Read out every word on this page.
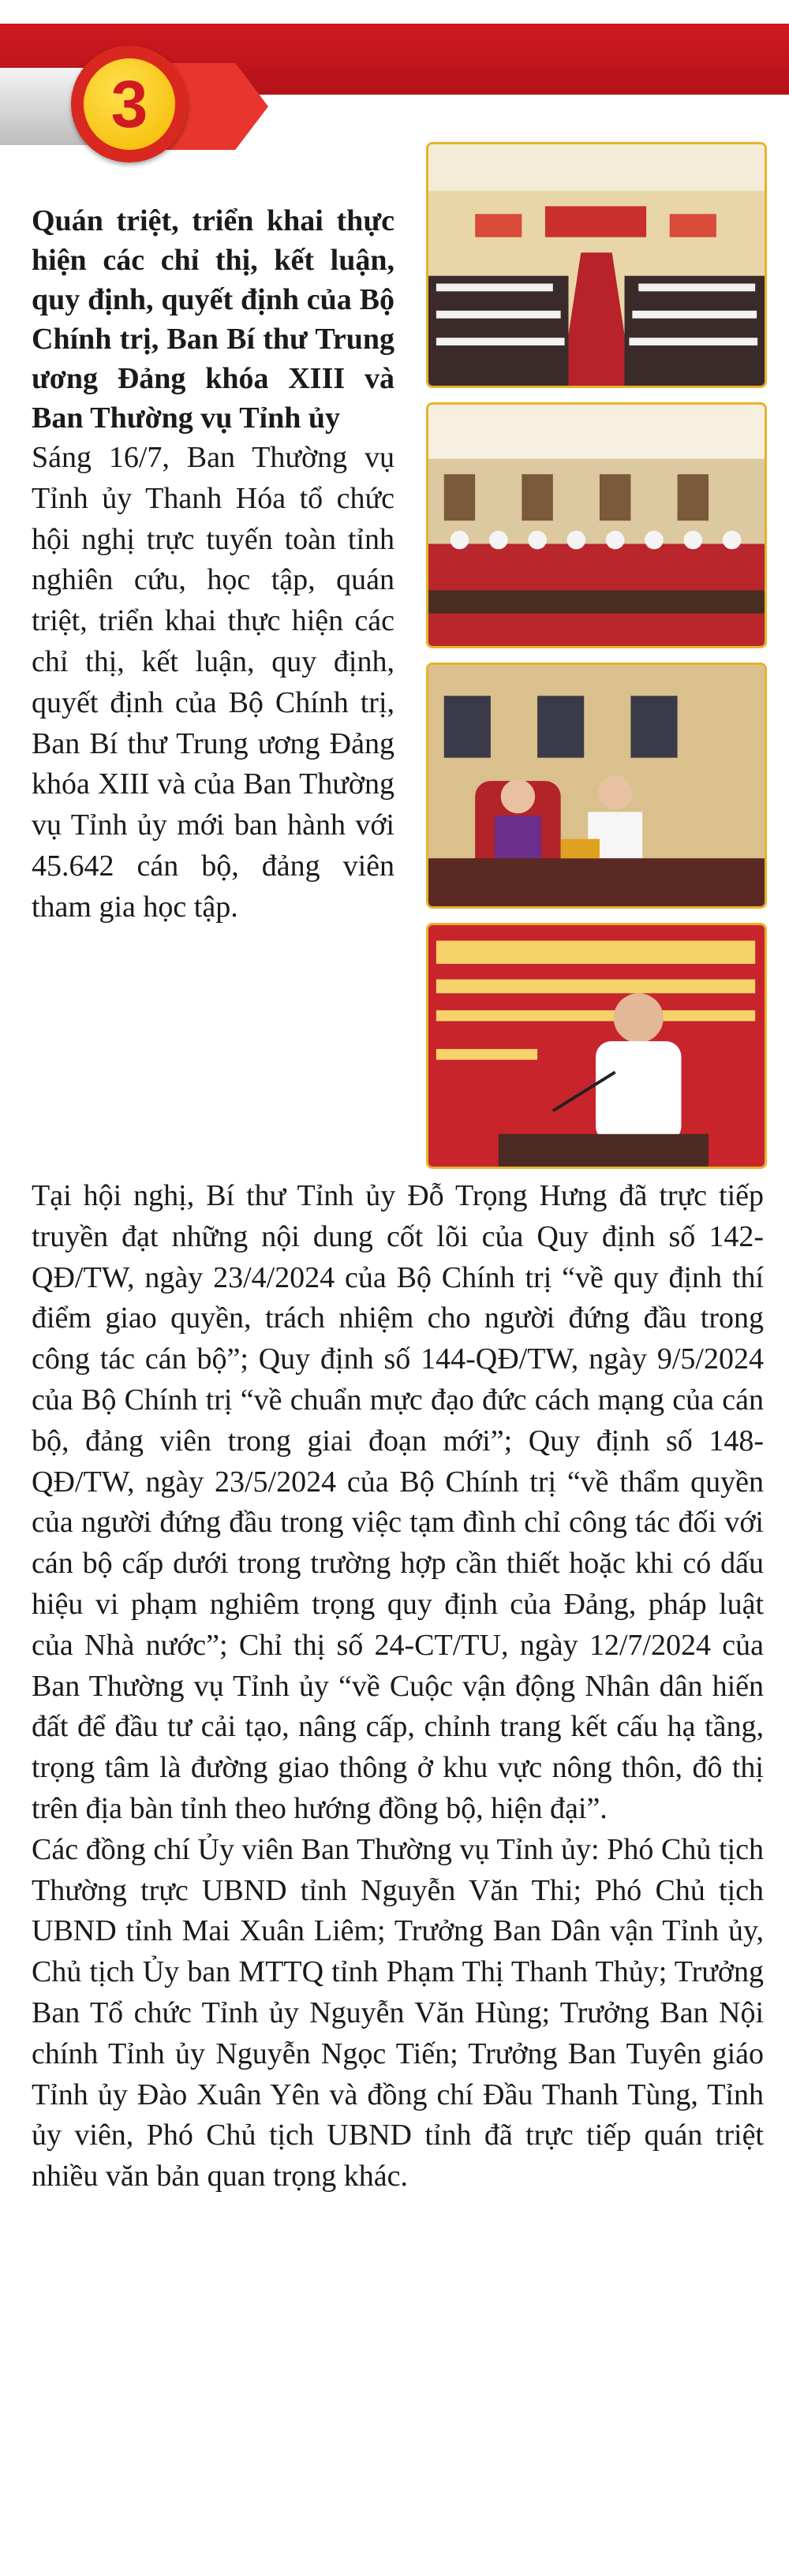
3
Quán triệt, triển khai thực hiện các chỉ thị, kết luận, quy định, quyết định của Bộ Chính trị, Ban Bí thư Trung ương Đảng khóa XIII và Ban Thường vụ Tỉnh ủy

Sáng 16/7, Ban Thường vụ Tỉnh ủy Thanh Hóa tổ chức hội nghị trực tuyến toàn tỉnh nghiên cứu, học tập, quán triệt, triển khai thực hiện các chỉ thị, kết luận, quy định, quyết định của Bộ Chính trị, Ban Bí thư Trung ương Đảng khóa XIII và của Ban Thường vụ Tỉnh ủy mới ban hành với 45.642 cán bộ, đảng viên tham gia học tập.

Tại hội nghị, Bí thư Tỉnh ủy Đỗ Trọng Hưng đã trực tiếp truyền đạt những nội dung cốt lõi của Quy định số 142-QĐ/TW, ngày 23/4/2024 của Bộ Chính trị “về quy định thí điểm giao quyền, trách nhiệm cho người đứng đầu trong công tác cán bộ”; Quy định số 144-QĐ/TW, ngày 9/5/2024 của Bộ Chính trị “về chuẩn mực đạo đức cách mạng của cán bộ, đảng viên trong giai đoạn mới”; Quy định số 148-QĐ/TW, ngày 23/5/2024 của Bộ Chính trị “về thẩm quyền của người đứng đầu trong việc tạm đình chỉ công tác đối với cán bộ cấp dưới trong trường hợp cần thiết hoặc khi có dấu hiệu vi phạm nghiêm trọng quy định của Đảng, pháp luật của Nhà nước”; Chỉ thị số 24-CT/TU, ngày 12/7/2024 của Ban Thường vụ Tỉnh ủy “về Cuộc vận động Nhân dân hiến đất để đầu tư cải tạo, nâng cấp, chỉnh trang kết cấu hạ tầng, trọng tâm là đường giao thông ở khu vực nông thôn, đô thị trên địa bàn tỉnh theo hướng đồng bộ, hiện đại”.

Các đồng chí Ủy viên Ban Thường vụ Tỉnh ủy: Phó Chủ tịch Thường trực UBND tỉnh Nguyễn Văn Thi; Phó Chủ tịch UBND tỉnh Mai Xuân Liêm; Trưởng Ban Dân vận Tỉnh ủy, Chủ tịch Ủy ban MTTQ tỉnh Phạm Thị Thanh Thủy; Trưởng Ban Tổ chức Tỉnh ủy Nguyễn Văn Hùng; Trưởng Ban Nội chính Tỉnh ủy Nguyễn Ngọc Tiến; Trưởng Ban Tuyên giáo Tỉnh ủy Đào Xuân Yên và đồng chí Đầu Thanh Tùng, Tỉnh ủy viên, Phó Chủ tịch UBND tỉnh đã trực tiếp quán triệt nhiều văn bản quan trọng khác.
